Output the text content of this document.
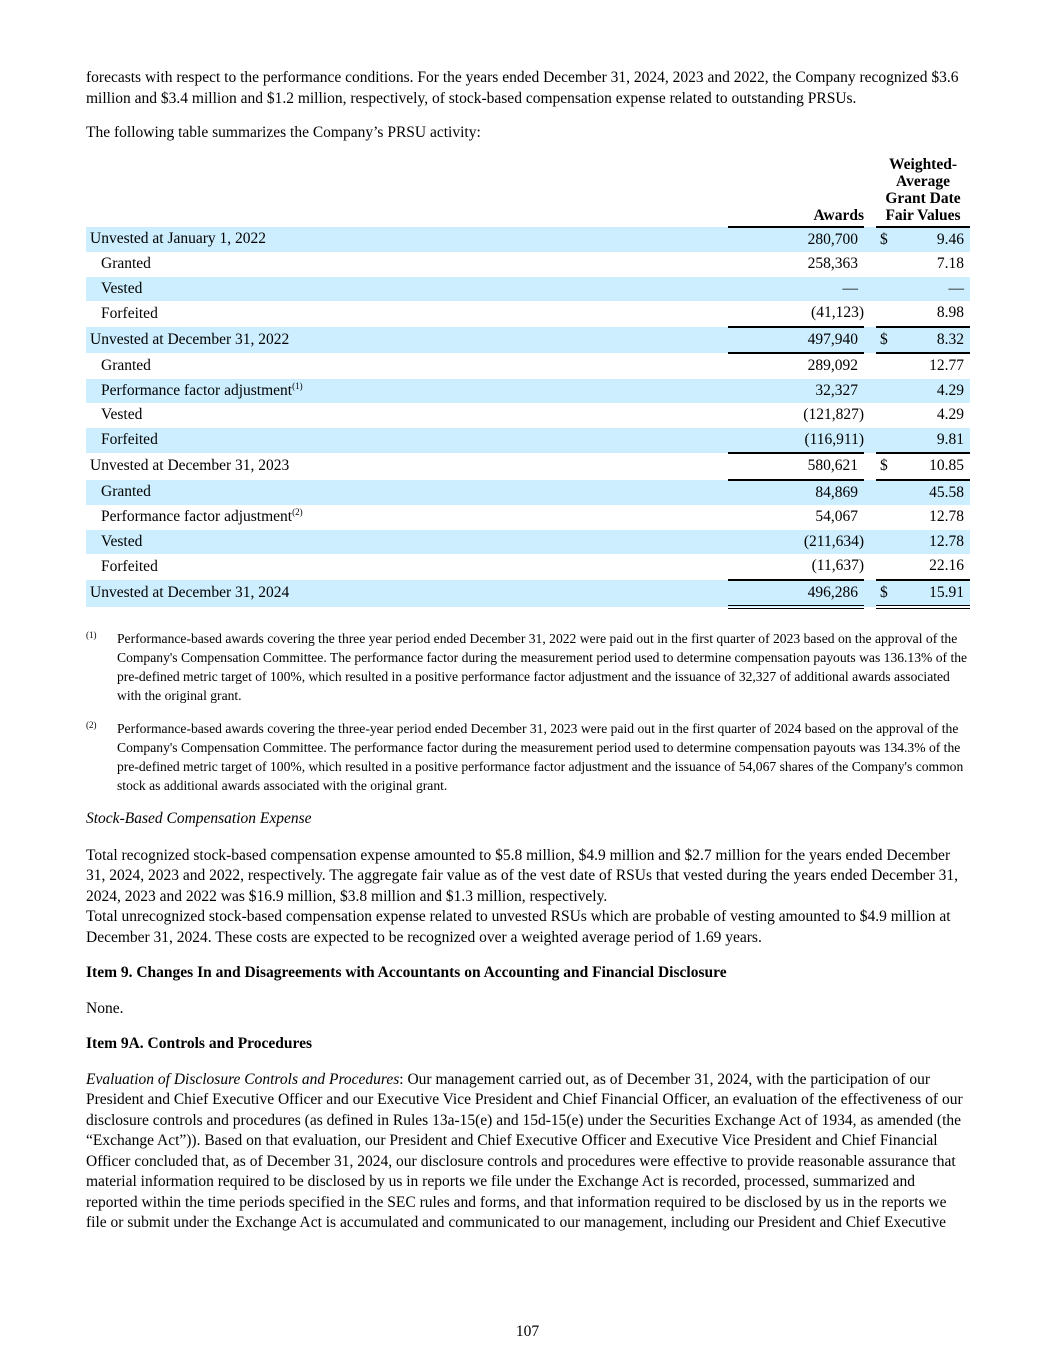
forecasts with respect to the performance conditions. For the years ended December 31, 2024, 2023 and 2022, the Company recognized $3.6 million and $3.4 million and $1.2 million, respectively, of stock-based compensation expense related to outstanding PRSUs.

The following table summarizes the Company’s PRSU activity:

		Awards		Weighted-
Average
Grant Date
Fair Values

Unvested at January 1, 2022		280,700		$ 9.46
Granted		258,363		7.18
Vested		—		—
Forfeited		(41,123)		8.98
Unvested at December 31, 2022		497,940		$ 8.32
Granted		289,092		12.77
Performance factor adjustment$^{(1)}$		32,327		4.29
Vested		(121,827)		4.29
Forfeited		(116,911)		9.81
Unvested at December 31, 2023		580,621		$ 10.85
Granted		84,869		45.58
Performance factor adjustment$^{(2)}$		54,067		12.78
Vested		(211,634)		12.78
Forfeited		(11,637)		22.16
Unvested at December 31, 2024		496,286		$ 15.91
(1)	Performance-based awards covering the three year period ended December 31, 2022 were paid out in the first quarter of 2023 based on the approval of the Company's Compensation Committee. The performance factor during the measurement period used to determine compensation payouts was 136.13% of the pre-defined metric target of 100%, which resulted in a positive performance factor adjustment and the issuance of 32,327 of additional awards associated with the original grant.
(2)	Performance-based awards covering the three-year period ended December 31, 2023 were paid out in the first quarter of 2024 based on the approval of the Company's Compensation Committee. The performance factor during the measurement period used to determine compensation payouts was 134.3% of the pre-defined metric target of 100%, which resulted in a positive performance factor adjustment and the issuance of 54,067 shares of the Company's common stock as additional awards associated with the original grant.

Stock-Based Compensation Expense

Total recognized stock-based compensation expense amounted to $5.8 million, $4.9 million and $2.7 million for the years ended December 31, 2024, 2023 and 2022, respectively. The aggregate fair value as of the vest date of RSUs that vested during the years ended December 31, 2024, 2023 and 2022 was $16.9 million, $3.8 million and $1.3 million, respectively.

Total unrecognized stock-based compensation expense related to unvested RSUs which are probable of vesting amounted to $4.9 million at December 31, 2024. These costs are expected to be recognized over a weighted average period of 1.69 years.

Item 9. Changes In and Disagreements with Accountants on Accounting and Financial Disclosure

None.

Item 9A. Controls and Procedures

Evaluation of Disclosure Controls and Procedures: Our management carried out, as of December 31, 2024, with the participation of our President and Chief Executive Officer and our Executive Vice President and Chief Financial Officer, an evaluation of the effectiveness of our disclosure controls and procedures (as defined in Rules 13a-15(e) and 15d-15(e) under the Securities Exchange Act of 1934, as amended (the “Exchange Act”)). Based on that evaluation, our President and Chief Executive Officer and Executive Vice President and Chief Financial Officer concluded that, as of December 31, 2024, our disclosure controls and procedures were effective to provide reasonable assurance that material information required to be disclosed by us in reports we file under the Exchange Act is recorded, processed, summarized and reported within the time periods specified in the SEC rules and forms, and that information required to be disclosed by us in the reports we file or submit under the Exchange Act is accumulated and communicated to our management, including our President and Chief Executive

107
